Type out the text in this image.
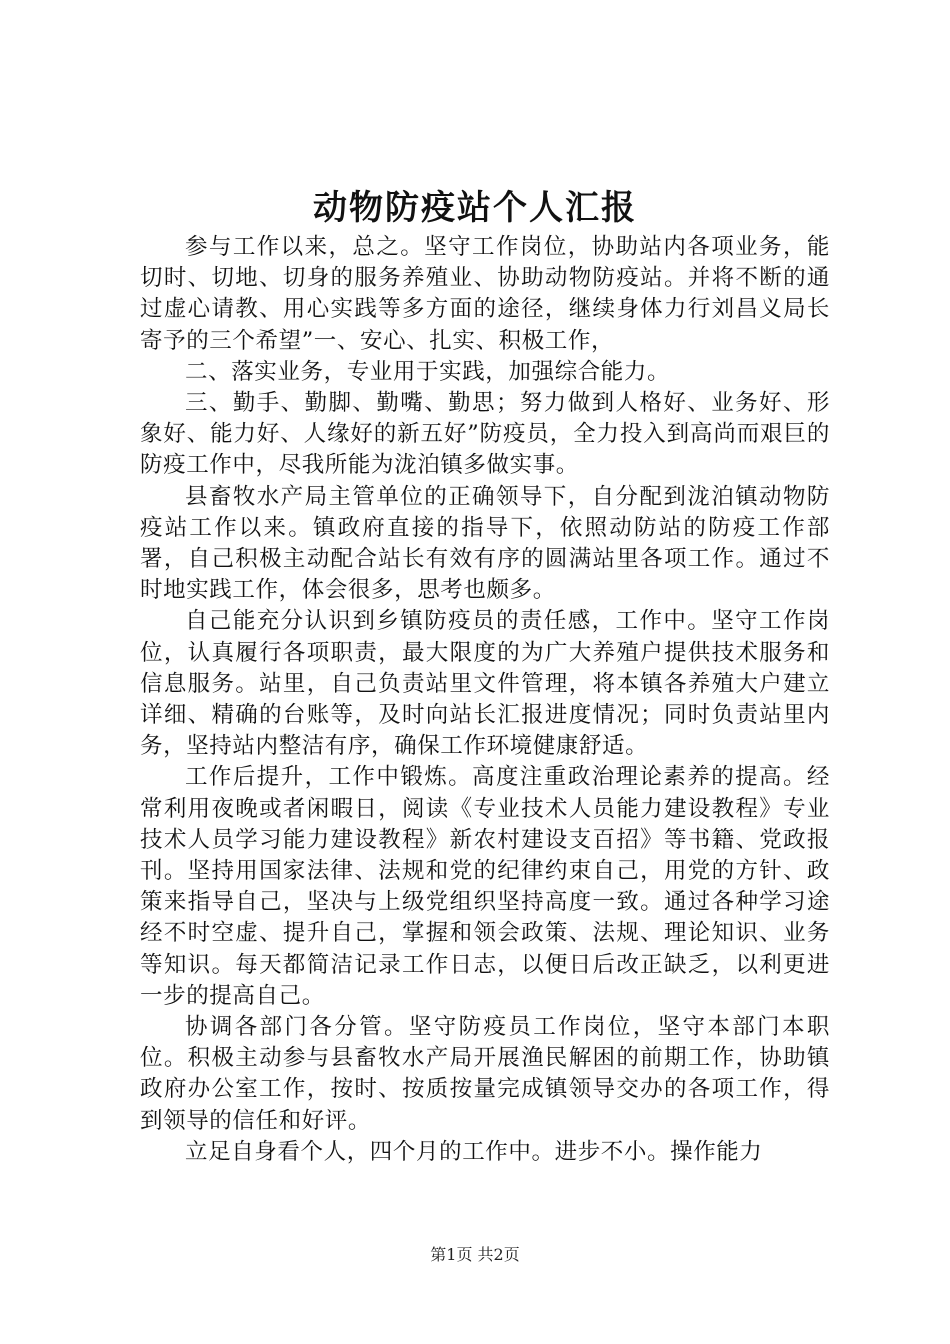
动物防疫站个人汇报

参与工作以来，总之。坚守工作岗位，协助站内各项业务，能切时、切地、切身的服务养殖业、协助动物防疫站。并将不断的通过虚心请教、用心实践等多方面的途径，继续身体力行刘昌义局长寄予的三个希望”一、安心、扎实、积极工作，

二、落实业务，专业用于实践，加强综合能力。

三、勤手、勤脚、勤嘴、勤思；努力做到人格好、业务好、形象好、能力好、人缘好的新五好”防疫员，全力投入到高尚而艰巨的防疫工作中，尽我所能为泷泊镇多做实事。

县畜牧水产局主管单位的正确领导下，自分配到泷泊镇动物防疫站工作以来。镇政府直接的指导下，依照动防站的防疫工作部署，自己积极主动配合站长有效有序的圆满站里各项工作。通过不时地实践工作，体会很多，思考也颇多。

自己能充分认识到乡镇防疫员的责任感，工作中。坚守工作岗位，认真履行各项职责，最大限度的为广大养殖户提供技术服务和信息服务。站里，自己负责站里文件管理，将本镇各养殖大户建立详细、精确的台账等，及时向站长汇报进度情况；同时负责站里内务，坚持站内整洁有序，确保工作环境健康舒适。

工作后提升，工作中锻炼。高度注重政治理论素养的提高。经常利用夜晚或者闲暇日，阅读《专业技术人员能力建设教程》专业技术人员学习能力建设教程》新农村建设支百招》等书籍、党政报刊。坚持用国家法律、法规和党的纪律约束自己，用党的方针、政策来指导自己，坚决与上级党组织坚持高度一致。通过各种学习途经不时空虚、提升自己，掌握和领会政策、法规、理论知识、业务等知识。每天都简洁记录工作日志，以便日后改正缺乏，以利更进一步的提高自己。

协调各部门各分管。坚守防疫员工作岗位，坚守本部门本职位。积极主动参与县畜牧水产局开展渔民解困的前期工作，协助镇政府办公室工作，按时、按质按量完成镇领导交办的各项工作，得到领导的信任和好评。

立足自身看个人，四个月的工作中。进步不小。操作能力

第1页 共2页
